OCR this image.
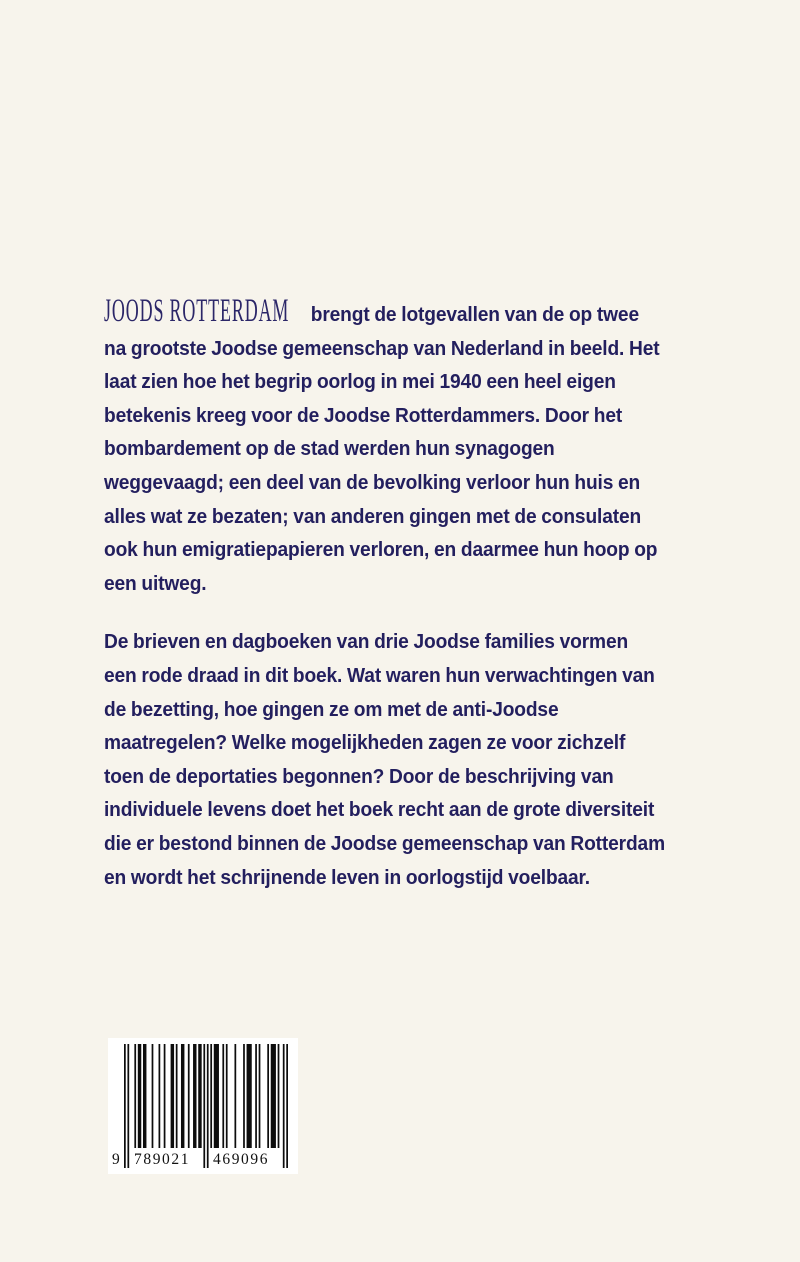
JOODS ROTTERDAM brengt de lotgevallen van de op twee na grootste Joodse gemeenschap van Nederland in beeld. Het laat zien hoe het begrip oorlog in mei 1940 een heel eigen betekenis kreeg voor de Joodse Rotterdammers. Door het bombardement op de stad werden hun synagogen weggevaagd; een deel van de bevolking verloor hun huis en alles wat ze bezaten; van anderen gingen met de consulaten ook hun emigratiepapieren verloren, en daarmee hun hoop op een uitweg.

De brieven en dagboeken van drie Joodse families vormen een rode draad in dit boek. Wat waren hun verwachtingen van de bezetting, hoe gingen ze om met de anti-Joodse maatregelen? Welke mogelijkheden zagen ze voor zichzelf toen de deportaties begonnen? Door de beschrijving van individuele levens doet het boek recht aan de grote diversiteit die er bestond binnen de Joodse gemeenschap van Rotterdam en wordt het schrijnende leven in oorlogstijd voelbaar.

9 789021 469096
